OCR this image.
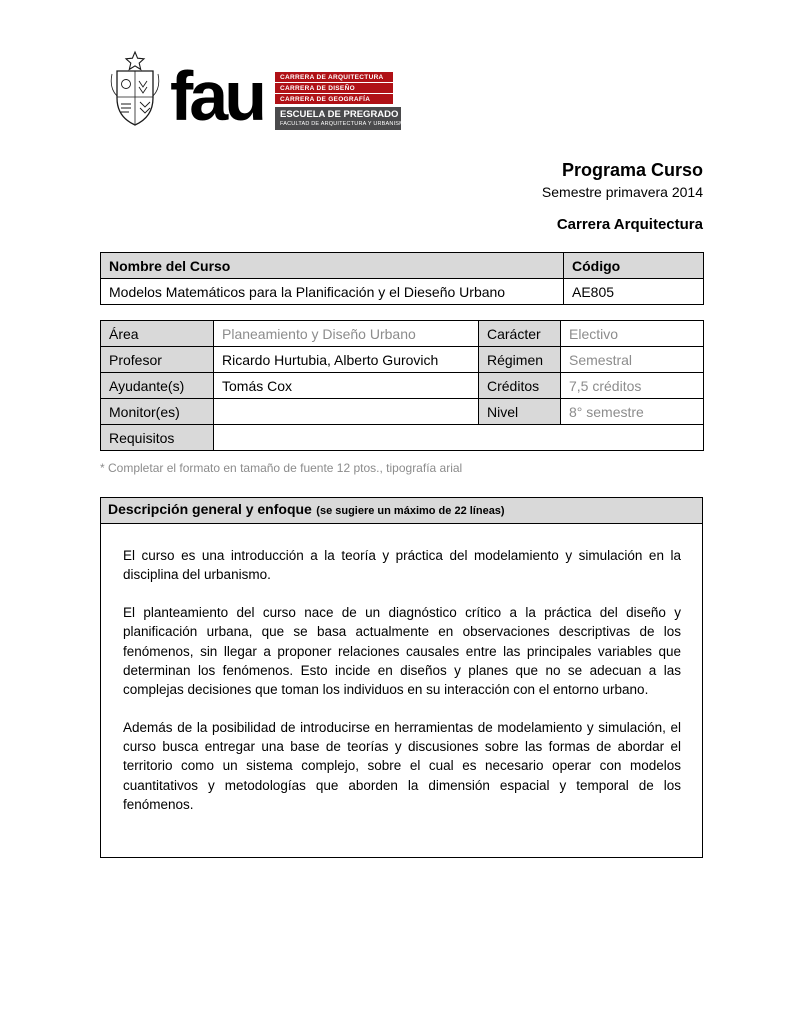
fau	CARRERA DE ARQUITECTURA
CARRERA DE DISEÑO
CARRERA DE GEOGRAFÍA
ESCUELA DE PREGRADO
FACULTAD DE ARQUITECTURA Y URBANISMO
Programa Curso
Semestre primavera 2014
Carrera Arquitectura
Nombre del Curso	Código
Modelos Matemáticos para la Planificación y el Dieseño Urbano	AE805
Área	Planeamiento y Diseño Urbano	Carácter	Electivo
Profesor	Ricardo Hurtubia, Alberto Gurovich	Régimen	Semestral
Ayudante(s)	Tomás Cox	Créditos	7,5 créditos
Monitor(es)		Nivel	8° semestre
Requisitos			
* Completar el formato en tamaño de fuente 12 ptos., tipografía arial
Descripción general y enfoque (se sugiere un máximo de 22 líneas)

El curso es una introducción a la teoría y práctica del modelamiento y simulación en la disciplina del urbanismo.

El planteamiento del curso nace de un diagnóstico crítico a la práctica del diseño y planificación urbana, que se basa actualmente en observaciones descriptivas de los fenómenos, sin llegar a proponer relaciones causales entre las principales variables que determinan los fenómenos. Esto incide en diseños y planes que no se adecuan a las complejas decisiones que toman los individuos en su interacción con el entorno urbano.

Además de la posibilidad de introducirse en herramientas de modelamiento y simulación, el curso busca entregar una base de teorías y discusiones sobre las formas de abordar el territorio como un sistema complejo, sobre el cual es necesario operar con modelos cuantitativos y metodologías que aborden la dimensión espacial y temporal de los fenómenos.
